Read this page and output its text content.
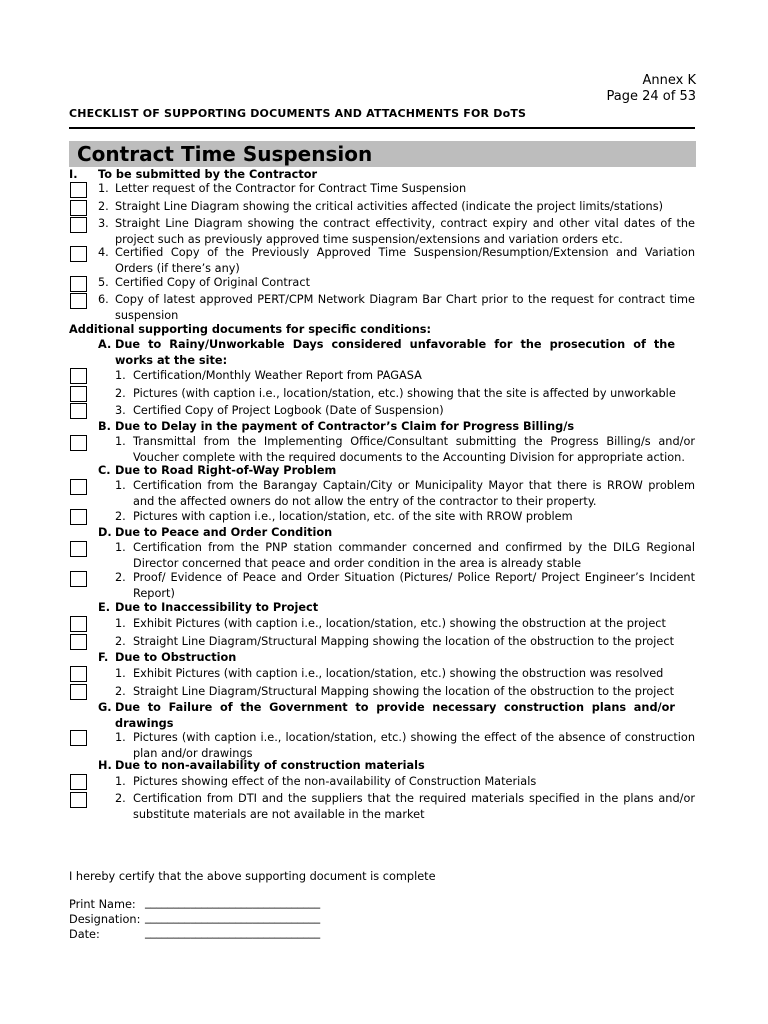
Annex K
Page 24 of 53
CHECKLIST OF SUPPORTING DOCUMENTS AND ATTACHMENTS FOR DoTS
Contract Time Suspension
I. To be submitted by the Contractor
1. Letter request of the Contractor for Contract Time Suspension
2. Straight Line Diagram showing the critical activities affected (indicate the project limits/stations)
3. Straight Line Diagram showing the contract effectivity, contract expiry and other vital dates of the project such as previously approved time suspension/extensions and variation orders etc.
4. Certified Copy of the Previously Approved Time Suspension/Resumption/Extension and Variation Orders (if there’s any)
5. Certified Copy of Original Contract
6. Copy of latest approved PERT/CPM Network Diagram Bar Chart prior to the request for contract time suspension
Additional supporting documents for specific conditions:
A. Due to Rainy/Unworkable Days considered unfavorable for the prosecution of the works at the site:
1. Certification/Monthly Weather Report from PAGASA
2. Pictures (with caption i.e., location/station, etc.) showing that the site is affected by unworkable
3. Certified Copy of Project Logbook (Date of Suspension)
B. Due to Delay in the payment of Contractor’s Claim for Progress Billing/s
1. Transmittal from the Implementing Office/Consultant submitting the Progress Billing/s and/or Voucher complete with the required documents to the Accounting Division for appropriate action.
C. Due to Road Right-of-Way Problem
1. Certification from the Barangay Captain/City or Municipality Mayor that there is RROW problem and the affected owners do not allow the entry of the contractor to their property.
2. Pictures with caption i.e., location/station, etc. of the site with RROW problem
D. Due to Peace and Order Condition
1. Certification from the PNP station commander concerned and confirmed by the DILG Regional Director concerned that peace and order condition in the area is already stable
2. Proof/ Evidence of Peace and Order Situation (Pictures/ Police Report/ Project Engineer’s Incident Report)
E. Due to Inaccessibility to Project
1. Exhibit Pictures (with caption i.e., location/station, etc.) showing the obstruction at the project
2. Straight Line Diagram/Structural Mapping showing the location of the obstruction to the project
F. Due to Obstruction
1. Exhibit Pictures (with caption i.e., location/station, etc.) showing the obstruction was resolved
2. Straight Line Diagram/Structural Mapping showing the location of the obstruction to the project
G. Due to Failure of the Government to provide necessary construction plans and/or drawings
1. Pictures (with caption i.e., location/station, etc.) showing the effect of the absence of construction plan and/or drawings
H. Due to non-availability of construction materials
1. Pictures showing effect of the non-availability of Construction Materials
2. Certification from DTI and the suppliers that the required materials specified in the plans and/or substitute materials are not available in the market
I hereby certify that the above supporting document is complete
Print Name: _______________________________
Designation: _______________________________
Date:	_______________________________
